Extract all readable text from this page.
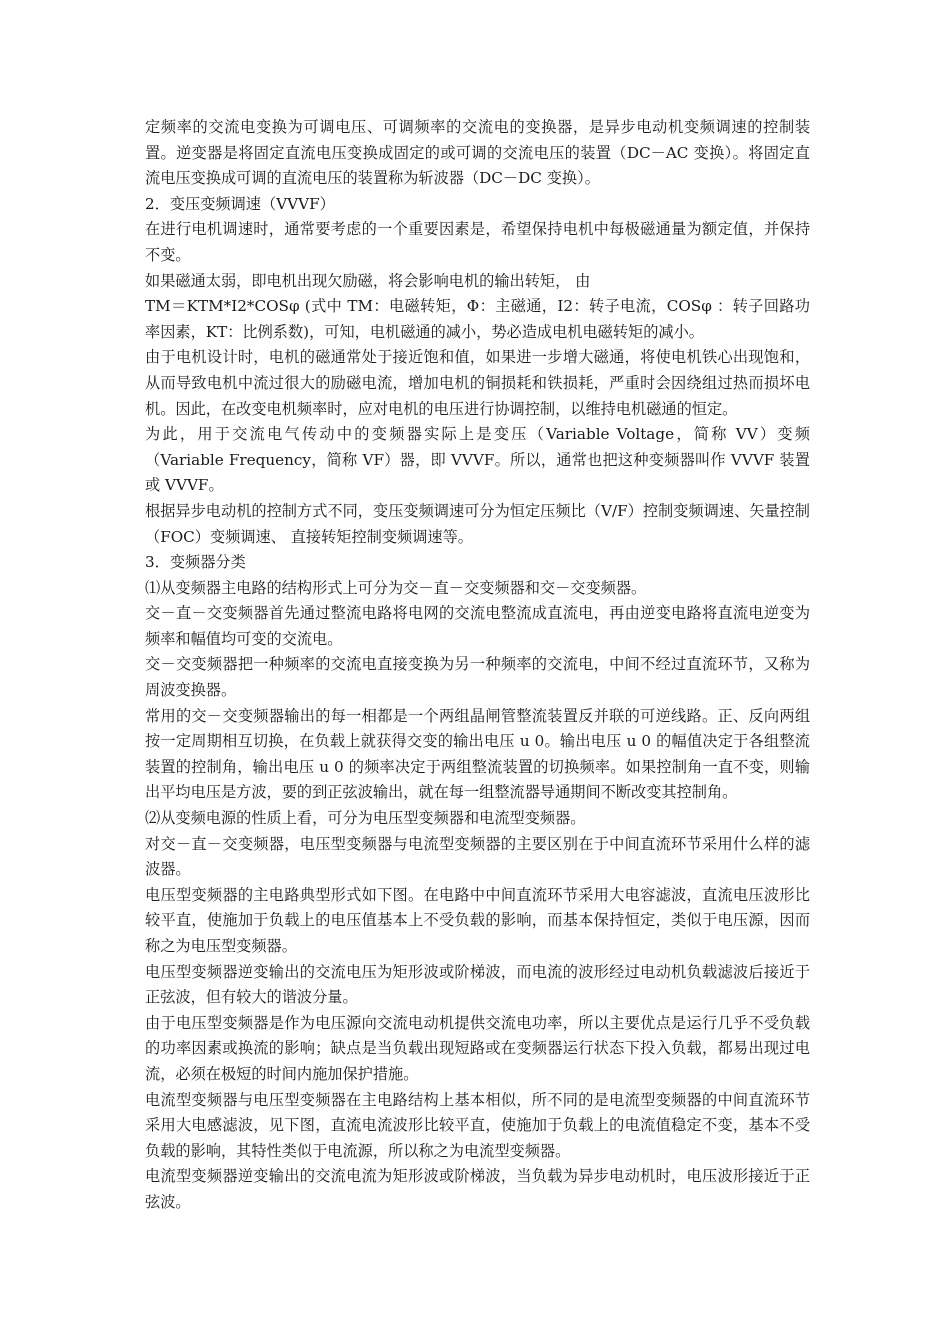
定频率的交流电变换为可调电压、可调频率的交流电的变换器，是异步电动机变频调速的控制装置。逆变器是将固定直流电压变换成固定的或可调的交流电压的装置（DC－AC 变换）。将固定直流电压变换成可调的直流电压的装置称为斩波器（DC－DC 变换）。

2．变压变频调速（VVVF）

在进行电机调速时，通常要考虑的一个重要因素是，希望保持电机中每极磁通量为额定值，并保持不变。

如果磁通太弱，即电机出现欠励磁，将会影响电机的输出转矩， 由

TM＝KTM*I2*COSφ (式中 TM：电磁转矩，Φ：主磁通，I2：转子电流，COSφ ：转子回路功率因素，KT：比例系数)，可知，电机磁通的减小，势必造成电机电磁转矩的减小。

由于电机设计时，电机的磁通常处于接近饱和值，如果进一步增大磁通，将使电机铁心出现饱和，从而导致电机中流过很大的励磁电流，增加电机的铜损耗和铁损耗，严重时会因绕组过热而损坏电机。因此，在改变电机频率时，应对电机的电压进行协调控制，以维持电机磁通的恒定。

为此，用于交流电气传动中的变频器实际上是变压（Variable Voltage，简称 VV）变频（Variable Frequency，简称 VF）器，即 VVVF。所以，通常也把这种变频器叫作 VVVF 装置或 VVVF。

根据异步电动机的控制方式不同，变压变频调速可分为恒定压频比（V/F）控制变频调速、矢量控制（FOC）变频调速、 直接转矩控制变频调速等。

3．变频器分类

⑴从变频器主电路的结构形式上可分为交－直－交变频器和交－交变频器。

交－直－交变频器首先通过整流电路将电网的交流电整流成直流电，再由逆变电路将直流电逆变为频率和幅值均可变的交流电。

交－交变频器把一种频率的交流电直接变换为另一种频率的交流电，中间不经过直流环节，又称为周波变换器。

常用的交－交变频器输出的每一相都是一个两组晶闸管整流装置反并联的可逆线路。正、反向两组按一定周期相互切换，在负载上就获得交变的输出电压 u 0。输出电压 u 0 的幅值决定于各组整流装置的控制角，输出电压 u 0 的频率决定于两组整流装置的切换频率。如果控制角一直不变，则输出平均电压是方波，要的到正弦波输出，就在每一组整流器导通期间不断改变其控制角。

⑵从变频电源的性质上看，可分为电压型变频器和电流型变频器。

对交－直－交变频器，电压型变频器与电流型变频器的主要区别在于中间直流环节采用什么样的滤波器。

电压型变频器的主电路典型形式如下图。在电路中中间直流环节采用大电容滤波，直流电压波形比较平直，使施加于负载上的电压值基本上不受负载的影响，而基本保持恒定，类似于电压源，因而称之为电压型变频器。

电压型变频器逆变输出的交流电压为矩形波或阶梯波，而电流的波形经过电动机负载滤波后接近于正弦波，但有较大的谐波分量。

由于电压型变频器是作为电压源向交流电动机提供交流电功率，所以主要优点是运行几乎不受负载的功率因素或换流的影响；缺点是当负载出现短路或在变频器运行状态下投入负载，都易出现过电流，必须在极短的时间内施加保护措施。

电流型变频器与电压型变频器在主电路结构上基本相似，所不同的是电流型变频器的中间直流环节采用大电感滤波，见下图，直流电流波形比较平直，使施加于负载上的电流值稳定不变，基本不受负载的影响，其特性类似于电流源，所以称之为电流型变频器。

电流型变频器逆变输出的交流电流为矩形波或阶梯波，当负载为异步电动机时，电压波形接近于正弦波。
